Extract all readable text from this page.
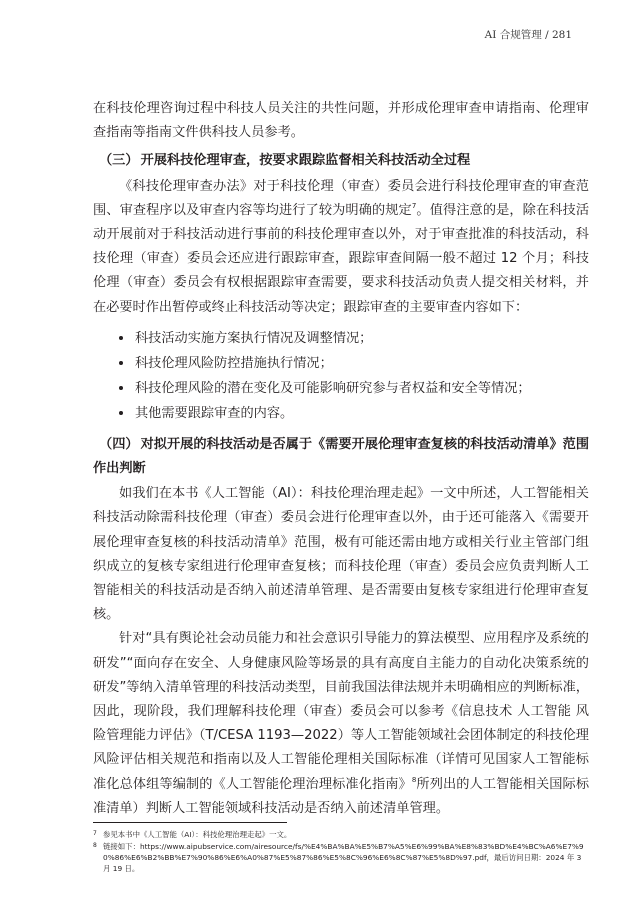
AI 合规管理 / 281

在科技伦理咨询过程中科技人员关注的共性问题，并形成伦理审查申请指南、伦理审查指南等指南文件供科技人员参考。

（三） 开展科技伦理审查，按要求跟踪监督相关科技活动全过程

《科技伦理审查办法》对于科技伦理（审查）委员会进行科技伦理审查的审查范围、审查程序以及审查内容等均进行了较为明确的规定$^7$。值得注意的是，除在科技活动开展前对于科技活动进行事前的科技伦理审查以外，对于审查批准的科技活动，科技伦理（审查）委员会还应进行跟踪审查，跟踪审查间隔一般不超过 12 个月；科技伦理（审查）委员会有权根据跟踪审查需要，要求科技活动负责人提交相关材料，并在必要时作出暂停或终止科技活动等决定；跟踪审查的主要审查内容如下：

科技活动实施方案执行情况及调整情况；
科技伦理风险防控措施执行情况；
科技伦理风险的潜在变化及可能影响研究参与者权益和安全等情况；
其他需要跟踪审查的内容。
（四） 对拟开展的科技活动是否属于《需要开展伦理审查复核的科技活动清单》范围作出判断

如我们在本书《人工智能（AI）：科技伦理治理走起》一文中所述，人工智能相关科技活动除需科技伦理（审查）委员会进行伦理审查以外，由于还可能落入《需要开展伦理审查复核的科技活动清单》范围，极有可能还需由地方或相关行业主管部门组织成立的复核专家组进行伦理审查复核；而科技伦理（审查）委员会应负责判断人工智能相关的科技活动是否纳入前述清单管理、是否需要由复核专家组进行伦理审查复核。

针对“具有舆论社会动员能力和社会意识引导能力的算法模型、应用程序及系统的研发”“面向存在安全、人身健康风险等场景的具有高度自主能力的自动化决策系统的研发”等纳入清单管理的科技活动类型，目前我国法律法规并未明确相应的判断标准，因此，现阶段，我们理解科技伦理（审查）委员会可以参考《信息技术 人工智能 风险管理能力评估》（T/CESA 1193—2022）等人工智能领域社会团体制定的科技伦理风险评估相关规范和指南以及人工智能伦理相关国际标准（详情可见国家人工智能标准化总体组等编制的《人工智能伦理治理标准化指南》$^8$所列出的人工智能相关国际标准清单）判断人工智能领域科技活动是否纳入前述清单管理。

7 参见本书中《人工智能（AI）：科技伦理治理走起》一文。

8 链接如下：https://www.aipubservice.com/airesource/fs/%E4%BA%BA%E5%B7%A5%E6%99%BA%E8%83%BD%E4%BC%A6%E7%90%86%E6%B2%BB%E7%90%86%E6%A0%87%E5%87%86%E5%8C%96%E6%8C%87%E5%8D%97.pdf，最后访问日期：2024 年 3 月 19 日。
